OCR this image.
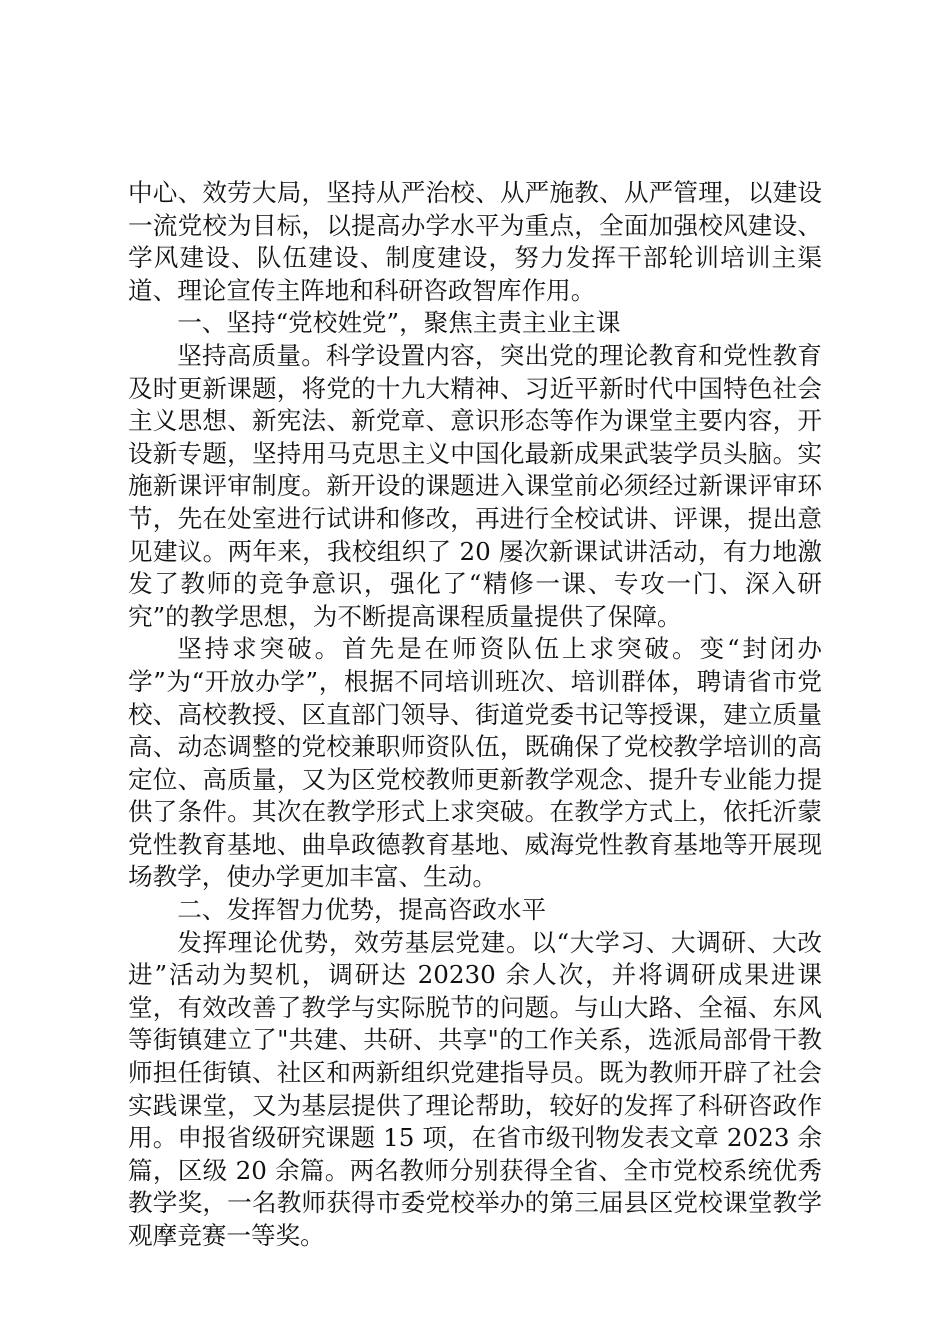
中心、效劳大局，坚持从严治校、从严施教、从严管理，以建设一流党校为目标，以提高办学水平为重点，全面加强校风建设、学风建设、队伍建设、制度建设，努力发挥干部轮训培训主渠道、理论宣传主阵地和科研咨政智库作用。

一、坚持“党校姓党”，聚焦主责主业主课

坚持高质量。科学设置内容，突出党的理论教育和党性教育及时更新课题，将党的十九大精神、习近平新时代中国特色社会主义思想、新宪法、新党章、意识形态等作为课堂主要内容，开设新专题，坚持用马克思主义中国化最新成果武装学员头脑。实施新课评审制度。新开设的课题进入课堂前必须经过新课评审环节，先在处室进行试讲和修改，再进行全校试讲、评课，提出意见建议。两年来，我校组织了 20 屡次新课试讲活动，有力地激发了教师的竞争意识，强化了“精修一课、专攻一门、深入研究”的教学思想，为不断提高课程质量提供了保障。

坚持求突破。首先是在师资队伍上求突破。变“封闭办学”为“开放办学”，根据不同培训班次、培训群体，聘请省市党校、高校教授、区直部门领导、街道党委书记等授课，建立质量高、动态调整的党校兼职师资队伍，既确保了党校教学培训的高定位、高质量，又为区党校教师更新教学观念、提升专业能力提供了条件。其次在教学形式上求突破。在教学方式上，依托沂蒙党性教育基地、曲阜政德教育基地、威海党性教育基地等开展现场教学，使办学更加丰富、生动。

二、发挥智力优势，提高咨政水平

发挥理论优势，效劳基层党建。以“大学习、大调研、大改进”活动为契机，调研达 20230 余人次，并将调研成果进课堂，有效改善了教学与实际脱节的问题。与山大路、全福、东风等街镇建立了"共建、共研、共享"的工作关系，选派局部骨干教师担任街镇、社区和两新组织党建指导员。既为教师开辟了社会实践课堂，又为基层提供了理论帮助，较好的发挥了科研咨政作用。申报省级研究课题 15 项，在省市级刊物发表文章 2023 余篇，区级 20 余篇。两名教师分别获得全省、全市党校系统优秀教学奖，一名教师获得市委党校举办的第三届县区党校课堂教学观摩竞赛一等奖。
